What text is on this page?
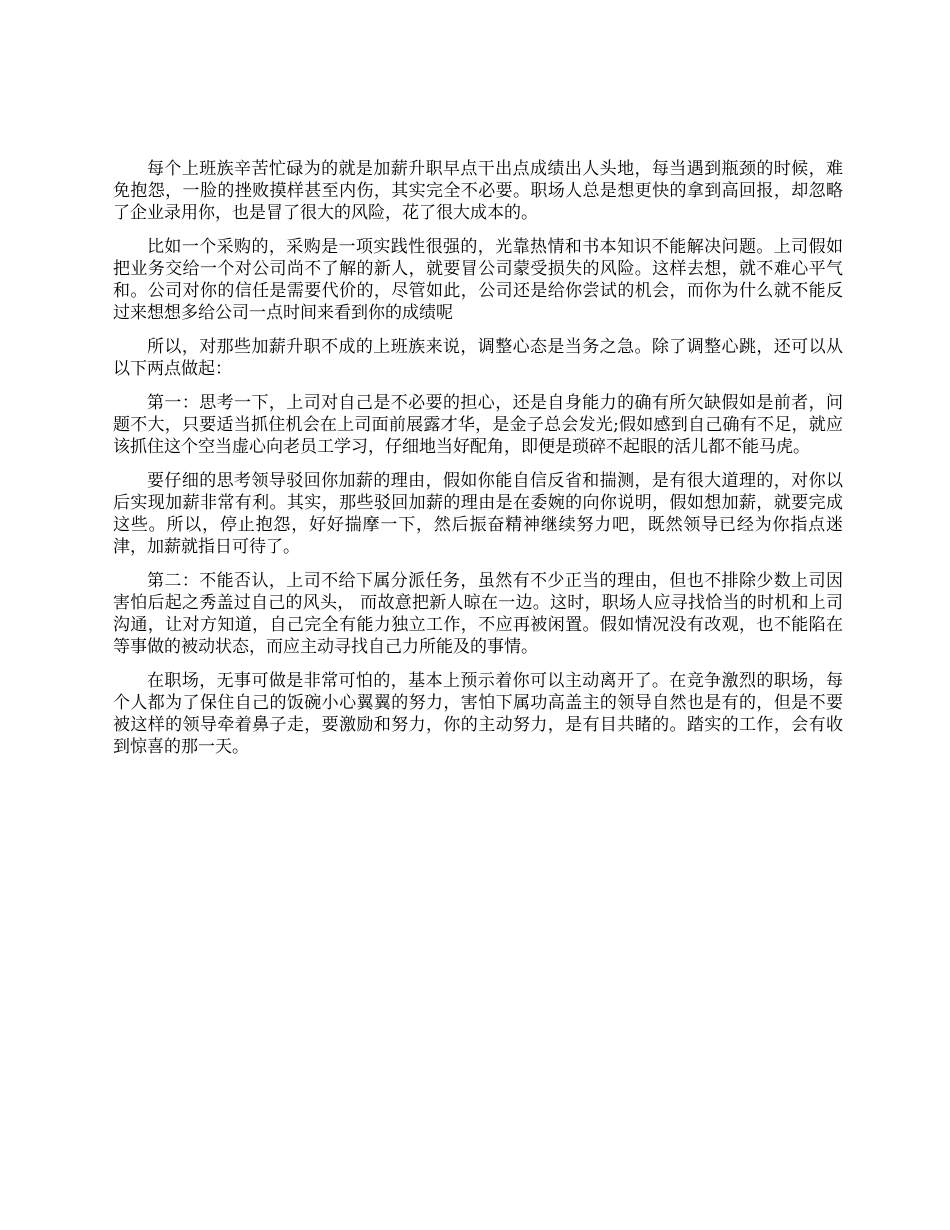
每个上班族辛苦忙碌为的就是加薪升职早点干出点成绩出人头地，每当遇到瓶颈的时候，难免抱怨，一脸的挫败摸样甚至内伤，其实完全不必要。职场人总是想更快的拿到高回报，却忽略了企业录用你，也是冒了很大的风险，花了很大成本的。

比如一个采购的，采购是一项实践性很强的，光靠热情和书本知识不能解决问题。上司假如把业务交给一个对公司尚不了解的新人，就要冒公司蒙受损失的风险。这样去想，就不难心平气和。公司对你的信任是需要代价的，尽管如此，公司还是给你尝试的机会，而你为什么就不能反过来想想多给公司一点时间来看到你的成绩呢

所以，对那些加薪升职不成的上班族来说，调整心态是当务之急。除了调整心跳，还可以从以下两点做起：

第一：思考一下，上司对自己是不必要的担心，还是自身能力的确有所欠缺假如是前者，问题不大，只要适当抓住机会在上司面前展露才华，是金子总会发光;假如感到自己确有不足，就应该抓住这个空当虚心向老员工学习，仔细地当好配角，即便是琐碎不起眼的活儿都不能马虎。

要仔细的思考领导驳回你加薪的理由，假如你能自信反省和揣测，是有很大道理的，对你以后实现加薪非常有利。其实，那些驳回加薪的理由是在委婉的向你说明，假如想加薪，就要完成这些。所以，停止抱怨，好好揣摩一下，然后振奋精神继续努力吧，既然领导已经为你指点迷津，加薪就指日可待了。

第二：不能否认，上司不给下属分派任务，虽然有不少正当的理由，但也不排除少数上司因害怕后起之秀盖过自己的风头， 而故意把新人晾在一边。这时，职场人应寻找恰当的时机和上司沟通，让对方知道，自己完全有能力独立工作，不应再被闲置。假如情况没有改观，也不能陷在 等事做的被动状态，而应主动寻找自己力所能及的事情。

在职场，无事可做是非常可怕的，基本上预示着你可以主动离开了。在竞争激烈的职场，每个人都为了保住自己的饭碗小心翼翼的努力，害怕下属功高盖主的领导自然也是有的，但是不要被这样的领导牵着鼻子走，要激励和努力，你的主动努力，是有目共睹的。踏实的工作，会有收到惊喜的那一天。
